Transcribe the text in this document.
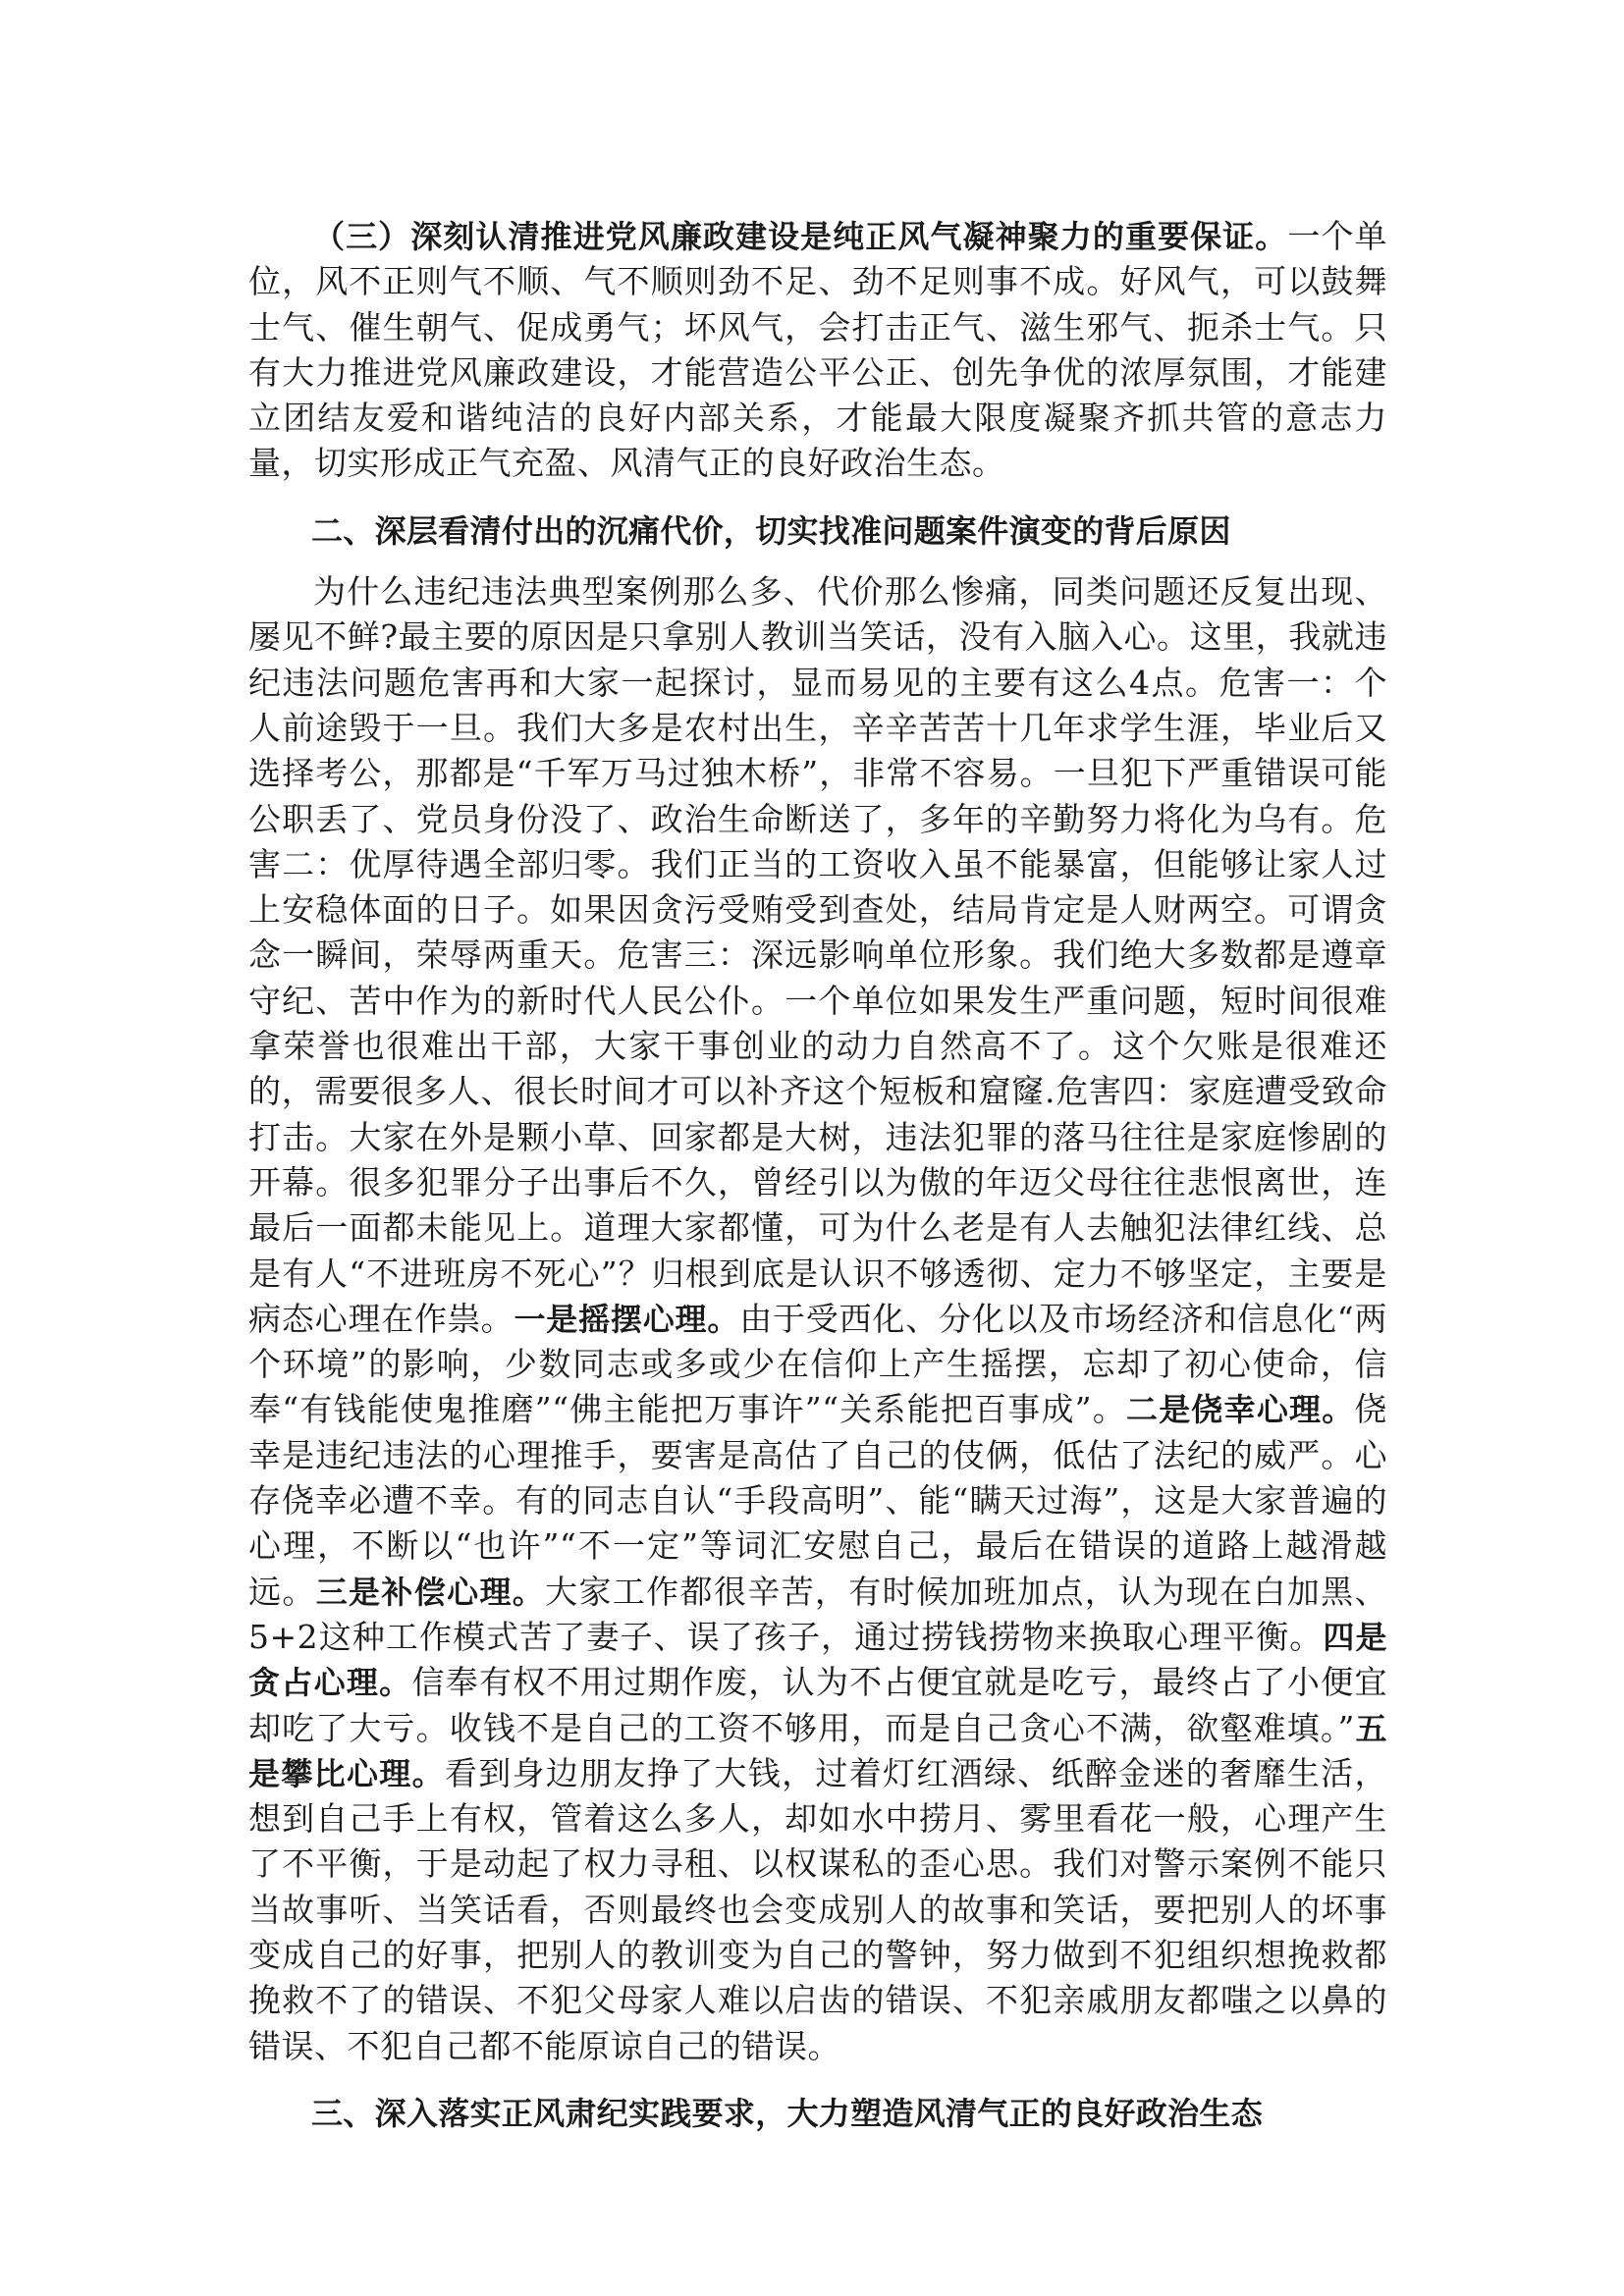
（三）深刻认清推进党风廉政建设是纯正风气凝神聚力的重要保证。一个单位，风不正则气不顺、气不顺则劲不足、劲不足则事不成。好风气，可以鼓舞士气、催生朝气、促成勇气；坏风气，会打击正气、滋生邪气、扼杀士气。只有大力推进党风廉政建设，才能营造公平公正、创先争优的浓厚氛围，才能建立团结友爱和谐纯洁的良好内部关系，才能最大限度凝聚齐抓共管的意志力量，切实形成正气充盈、风清气正的良好政治生态。

二、深层看清付出的沉痛代价，切实找准问题案件演变的背后原因

为什么违纪违法典型案例那么多、代价那么惨痛，同类问题还反复出现、屡见不鲜?最主要的原因是只拿别人教训当笑话，没有入脑入心。这里，我就违纪违法问题危害再和大家一起探讨，显而易见的主要有这么4点。危害一：个人前途毁于一旦。我们大多是农村出生，辛辛苦苦十几年求学生涯，毕业后又选择考公，那都是“千军万马过独木桥”，非常不容易。一旦犯下严重错误可能公职丢了、党员身份没了、政治生命断送了，多年的辛勤努力将化为乌有。危害二：优厚待遇全部归零。我们正当的工资收入虽不能暴富，但能够让家人过上安稳体面的日子。如果因贪污受贿受到查处，结局肯定是人财两空。可谓贪念一瞬间，荣辱两重天。危害三：深远影响单位形象。我们绝大多数都是遵章守纪、苦中作为的新时代人民公仆。一个单位如果发生严重问题，短时间很难拿荣誉也很难出干部，大家干事创业的动力自然高不了。这个欠账是很难还的，需要很多人、很长时间才可以补齐这个短板和窟窿.危害四：家庭遭受致命打击。大家在外是颗小草、回家都是大树，违法犯罪的落马往往是家庭惨剧的开幕。很多犯罪分子出事后不久，曾经引以为傲的年迈父母往往悲恨离世，连最后一面都未能见上。道理大家都懂，可为什么老是有人去触犯法律红线、总是有人“不进班房不死心”？归根到底是认识不够透彻、定力不够坚定，主要是病态心理在作祟。一是摇摆心理。由于受西化、分化以及市场经济和信息化“两个环境”的影响，少数同志或多或少在信仰上产生摇摆，忘却了初心使命，信奉“有钱能使鬼推磨”“佛主能把万事许”“关系能把百事成”。二是侥幸心理。侥幸是违纪违法的心理推手，要害是高估了自己的伎俩，低估了法纪的威严。心存侥幸必遭不幸。有的同志自认“手段高明”、能“瞒天过海”，这是大家普遍的心理，不断以“也许”“不一定”等词汇安慰自己，最后在错误的道路上越滑越远。三是补偿心理。大家工作都很辛苦，有时候加班加点，认为现在白加黑、5+2这种工作模式苦了妻子、误了孩子，通过捞钱捞物来换取心理平衡。四是贪占心理。信奉有权不用过期作废，认为不占便宜就是吃亏，最终占了小便宜却吃了大亏。收钱不是自己的工资不够用，而是自己贪心不满，欲壑难填。”五是攀比心理。看到身边朋友挣了大钱，过着灯红酒绿、纸醉金迷的奢靡生活，想到自己手上有权，管着这么多人，却如水中捞月、雾里看花一般，心理产生了不平衡，于是动起了权力寻租、以权谋私的歪心思。我们对警示案例不能只当故事听、当笑话看，否则最终也会变成别人的故事和笑话，要把别人的坏事变成自己的好事，把别人的教训变为自己的警钟，努力做到不犯组织想挽救都挽救不了的错误、不犯父母家人难以启齿的错误、不犯亲戚朋友都嗤之以鼻的错误、不犯自己都不能原谅自己的错误。

三、深入落实正风肃纪实践要求，大力塑造风清气正的良好政治生态
